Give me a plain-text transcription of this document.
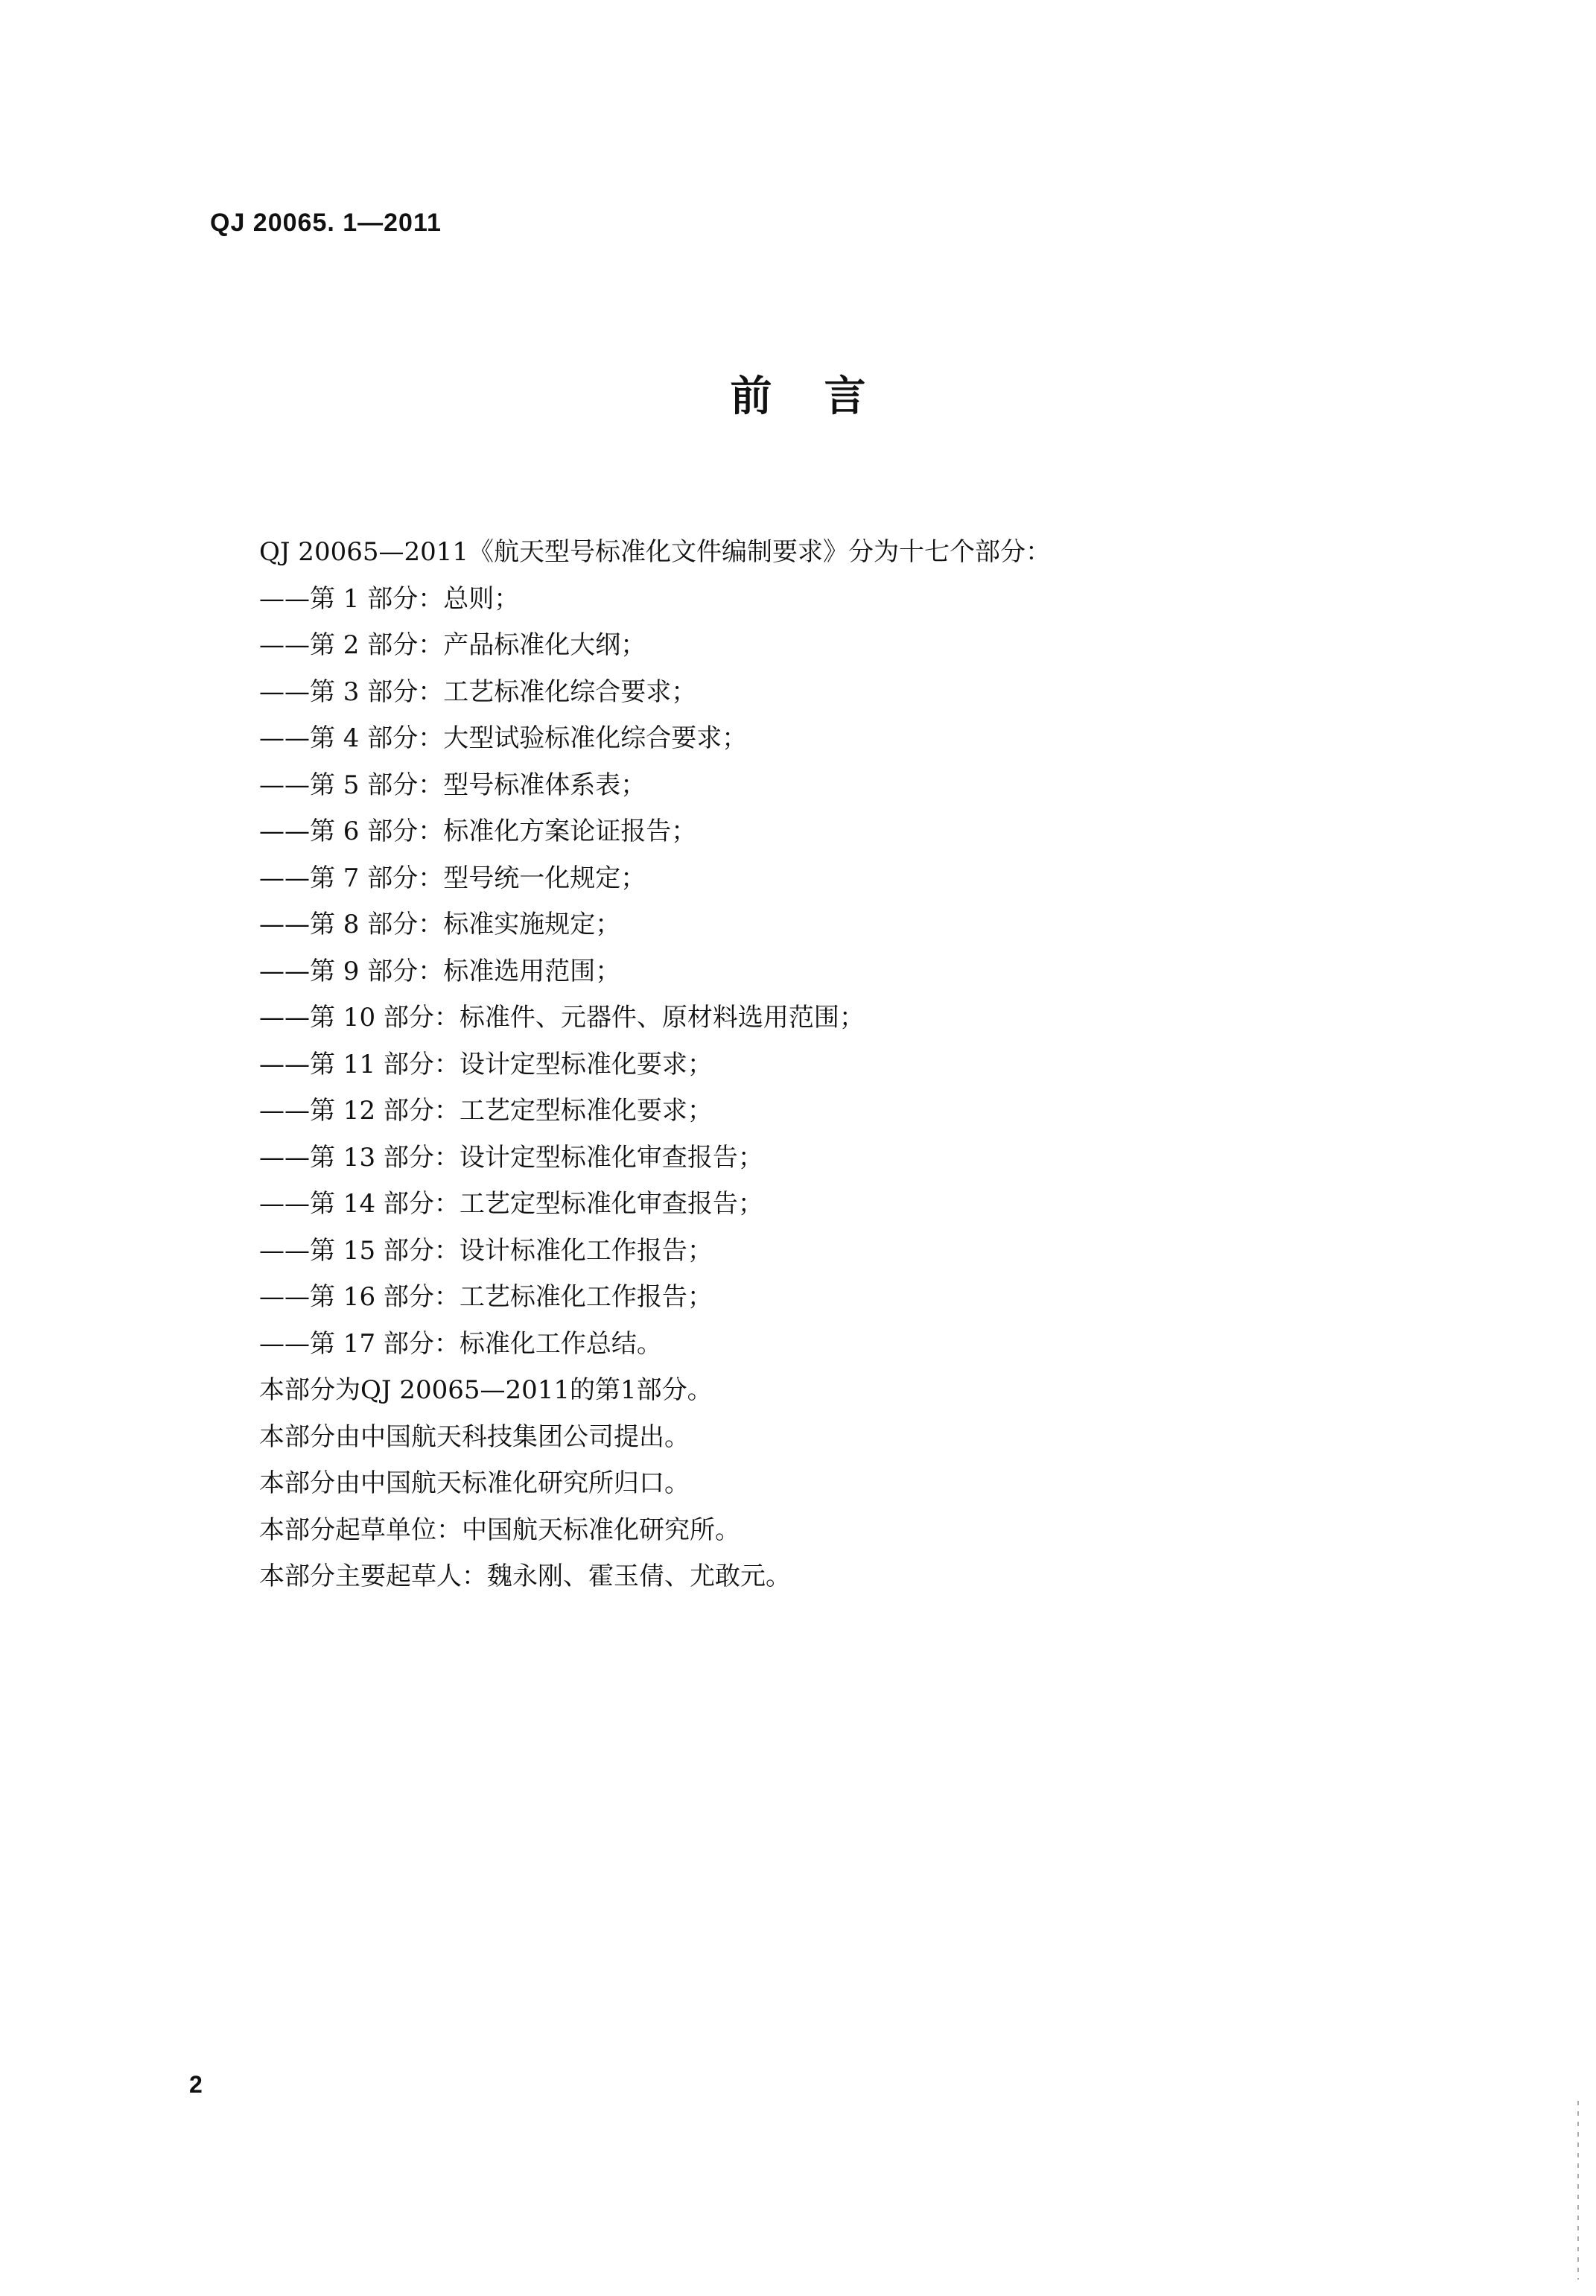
QJ 20065. 1—2011
前言
QJ 20065—2011《航天型号标准化文件编制要求》分为十七个部分：
——第 1 部分：总则；
——第 2 部分：产品标准化大纲；
——第 3 部分：工艺标准化综合要求；
——第 4 部分：大型试验标准化综合要求；
——第 5 部分：型号标准体系表；
——第 6 部分：标准化方案论证报告；
——第 7 部分：型号统一化规定；
——第 8 部分：标准实施规定；
——第 9 部分：标准选用范围；
——第 10 部分：标准件、元器件、原材料选用范围；
——第 11 部分：设计定型标准化要求；
——第 12 部分：工艺定型标准化要求；
——第 13 部分：设计定型标准化审查报告；
——第 14 部分：工艺定型标准化审查报告；
——第 15 部分：设计标准化工作报告；
——第 16 部分：工艺标准化工作报告；
——第 17 部分：标准化工作总结。
本部分为QJ 20065—2011的第1部分。
本部分由中国航天科技集团公司提出。
本部分由中国航天标准化研究所归口。
本部分起草单位：中国航天标准化研究所。
本部分主要起草人：魏永刚、霍玉倩、尤敢元。
2
